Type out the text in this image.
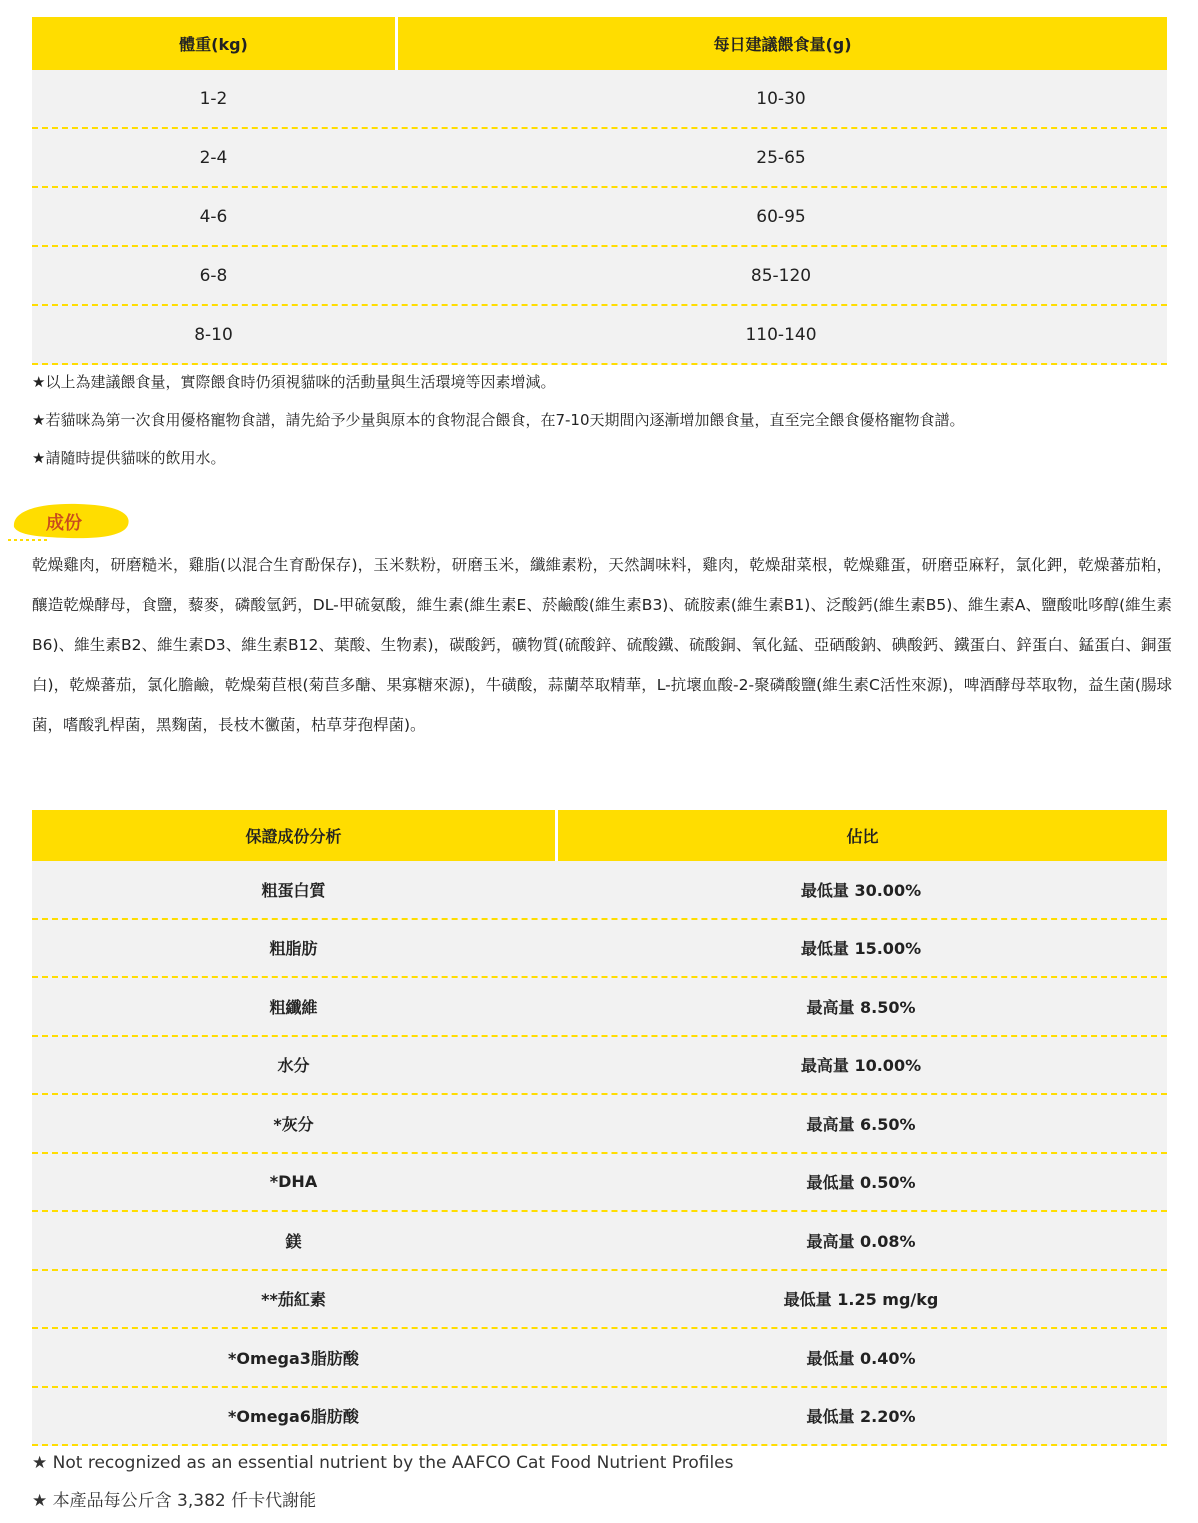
體重(kg)	每日建議餵食量(g)
1-2	10-30
2-4	25-65
4-6	60-95
6-8	85-120
8-10	110-140
★以上為建議餵食量，實際餵食時仍須視貓咪的活動量與生活環境等因素增減。
★若貓咪為第一次食用優格寵物食譜，請先給予少量與原本的食物混合餵食，在7-10天期間內逐漸增加餵食量，直至完全餵食優格寵物食譜。
★請隨時提供貓咪的飲用水。
成份
乾燥雞肉，研磨糙米，雞脂(以混合生育酚保存)，玉米麩粉，研磨玉米，纖維素粉，天然調味料，雞肉，乾燥甜菜根，乾燥雞蛋，研磨亞麻籽，氯化鉀，乾燥蕃茄粕，釀造乾燥酵母，食鹽，藜麥，磷酸氫鈣，DL-甲硫氨酸，維生素(維生素E、菸鹼酸(維生素B3)、硫胺素(維生素B1)、泛酸鈣(維生素B5)、維生素A、鹽酸吡哆醇(維生素B6)、維生素B2、維生素D3、維生素B12、葉酸、生物素)，碳酸鈣，礦物質(硫酸鋅、硫酸鐵、硫酸銅、氧化錳、亞硒酸鈉、碘酸鈣、鐵蛋白、鋅蛋白、錳蛋白、銅蛋白)，乾燥蕃茄，氯化膽鹼，乾燥菊苣根(菊苣多醣、果寡糖來源)，牛磺酸，蒜蘭萃取精華，L-抗壞血酸-2-聚磷酸鹽(維生素C活性來源)，啤酒酵母萃取物，益生菌(腸球菌，嗜酸乳桿菌，黑麴菌，長枝木黴菌，枯草芽孢桿菌)。
保證成份分析	佔比
粗蛋白質	最低量 30.00%
粗脂肪	最低量 15.00%
粗纖維	最高量 8.50%
水分	最高量 10.00%
*灰分	最高量 6.50%
*DHA	最低量 0.50%
鎂	最高量 0.08%
**茄紅素	最低量 1.25 mg/kg
*Omega3脂肪酸	最低量 0.40%
*Omega6脂肪酸	最低量 2.20%
★ Not recognized as an essential nutrient by the AAFCO Cat Food Nutrient Profiles
★ 本產品每公斤含 3,382 仟卡代謝能
